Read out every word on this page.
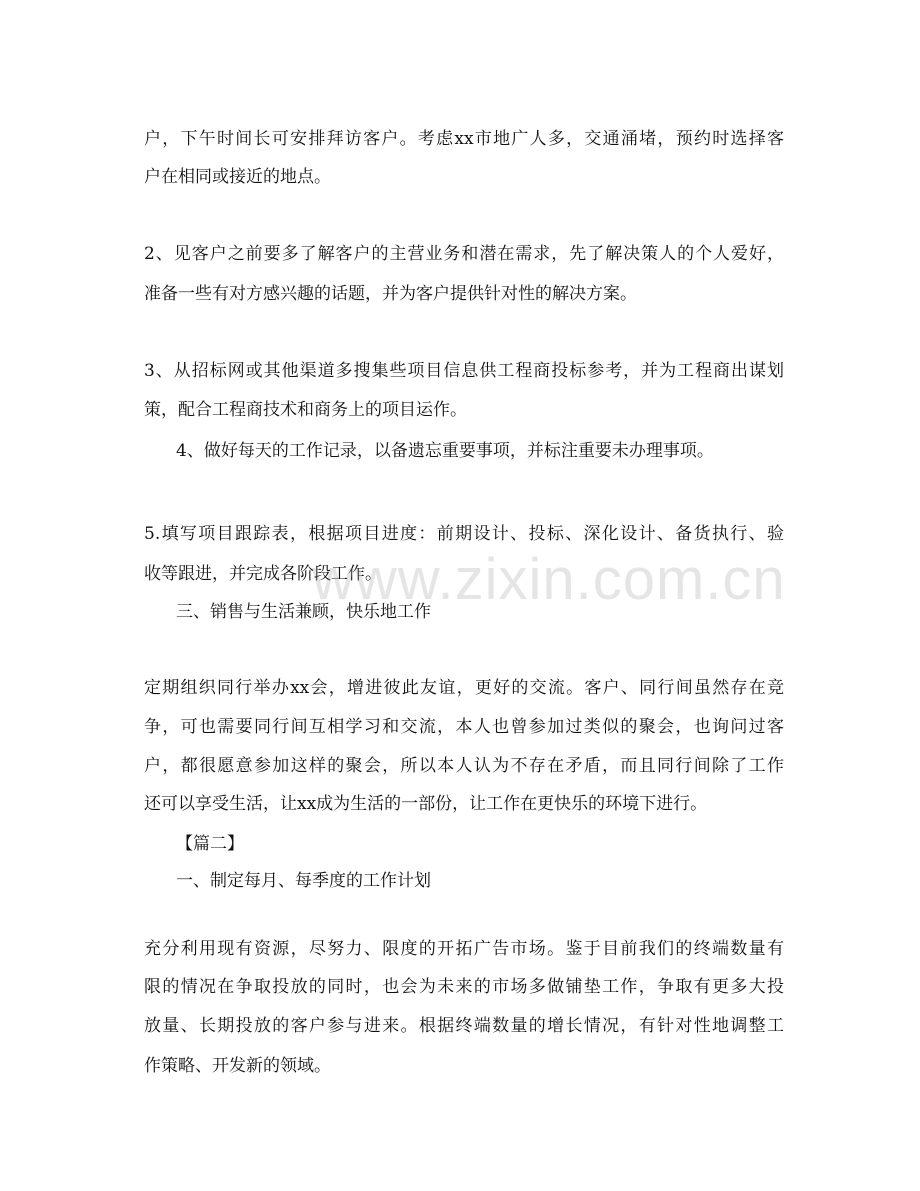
户，下午时间长可安排拜访客户。考虑xx市地广人多，交通涌堵，预约时选择客
户在相同或接近的地点。
2、见客户之前要多了解客户的主营业务和潜在需求，先了解决策人的个人爱好，
准备一些有对方感兴趣的话题，并为客户提供针对性的解决方案。
3、从招标网或其他渠道多搜集些项目信息供工程商投标参考，并为工程商出谋划
策，配合工程商技术和商务上的项目运作。
4、做好每天的工作记录，以备遗忘重要事项，并标注重要未办理事项。
5.填写项目跟踪表，根据项目进度：前期设计、投标、深化设计、备货执行、验
收等跟进，并完成各阶段工作。
三、销售与生活兼顾，快乐地工作
定期组织同行举办xx会，增进彼此友谊，更好的交流。客户、同行间虽然存在竞
争，可也需要同行间互相学习和交流，本人也曾参加过类似的聚会，也询问过客
户，都很愿意参加这样的聚会，所以本人认为不存在矛盾，而且同行间除了工作
还可以享受生活，让xx成为生活的一部份，让工作在更快乐的环境下进行。
【篇二】
一、制定每月、每季度的工作计划
充分利用现有资源，尽努力、限度的开拓广告市场。鉴于目前我们的终端数量有
限的情况在争取投放的同时，也会为未来的市场多做铺垫工作，争取有更多大投
放量、长期投放的客户参与进来。根据终端数量的增长情况，有针对性地调整工
作策略、开发新的领域。
www.zixin.com.cn
